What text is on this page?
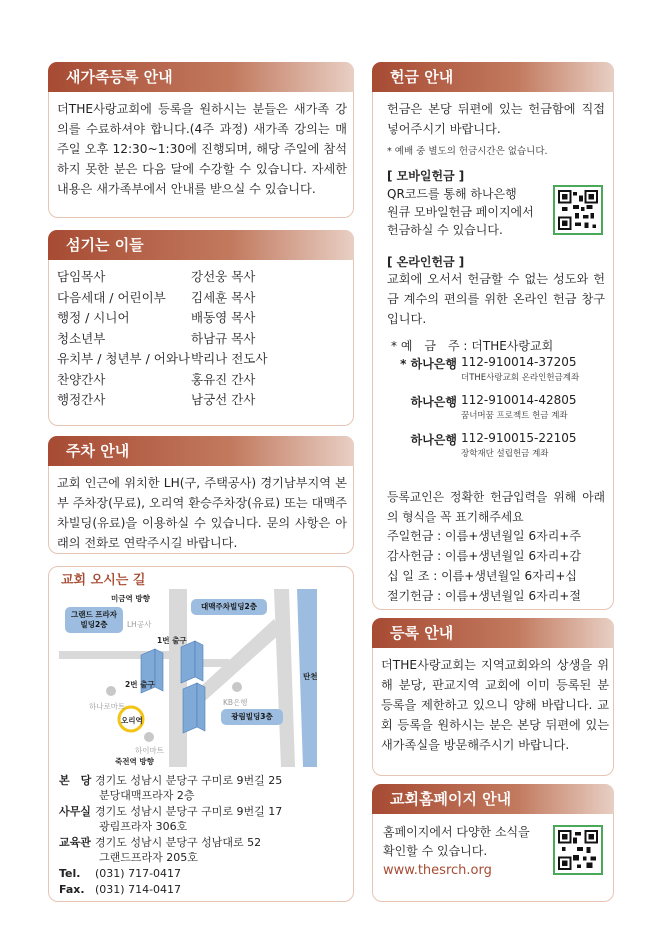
새가족등록 안내
더THE사랑교회에 등록을 원하시는 분들은 새가족 강의를 수료하셔야 합니다.(4주 과정) 새가족 강의는 매주일 오후 12:30~1:30에 진행되며, 해당 주일에 참석하지 못한 분은 다음 달에 수강할 수 있습니다. 자세한 내용은 새가족부에서 안내를 받으실 수 있습니다.
섬기는 이들
담임목사	강선웅 목사
다음세대 / 어린이부 김세훈 목사
행정 / 시니어	배동영 목사
청소년부	하남규 목사
유치부 / 청년부 / 어와나 박리나 전도사
찬양간사	홍유진 간사
행정간사	남궁선 간사
주차 안내
교회 인근에 위치한 LH(구, 주택공사) 경기남부지역 본부 주차장(무료), 오리역 환승주차장(유료) 또는 대맥주차빌딩(유료)을 이용하실 수 있습니다. 문의 사항은 아래의 전화로 연락주시길 바랍니다.
교회 오시는 길
미금역 방향
LH공사
그랜드 프라자
빌딩2층
대맥주차빌딩2층
1번 출구
2번 출구
하나로마트	KB은행
오리역
하이마트
광림빌딩3층
탄천
죽전역 방향
본　당 경기도 성남시 분당구 구미로 9번길 25
분당대맥프라자 2층
사무실 경기도 성남시 분당구 구미로 9번길 17
광림프라자 306호
교육관 경기도 성남시 분당구 성남대로 52
그랜드프라자 205호
Tel. (031) 717-0417
Fax. (031) 714-0417
헌금 안내
헌금은 본당 뒤편에 있는 헌금함에 직접 넣어주시기 바랍니다.
* 예배 중 별도의 헌금시간은 없습니다.
[ 모바일헌금 ]
QR코드를 통해 하나은행
원큐 모바일헌금 페이지에서
헌금하실 수 있습니다.
[ 온라인헌금 ]
교회에 오서서 헌금할 수 없는 성도와 헌금 계수의 편의를 위한 온라인 헌금 창구입니다.
* 예　금　주 : 더THE사랑교회
* 하나은행 112-910014-37205
더THE사랑교회 온라인헌금계좌
하나은행 112-910014-42805
꿈너머꿈 프로젝트 헌금 계좌
하나은행 112-910015-22105
장학재단 설립헌금 계좌
등록교인은 정확한 헌금입력을 위해 아래의 형식을 꼭 표기해주세요
주일헌금 : 이름+생년월일 6자리+주
감사헌금 : 이름+생년월일 6자리+감
십 일 조 : 이름+생년월일 6자리+십
절기헌금 : 이름+생년월일 6자리+절
등록 안내
더THE사랑교회는 지역교회와의 상생을 위해 분당, 판교지역 교회에 이미 등록된 분 등록을 제한하고 있으니 양해 바랍니다. 교회 등록을 원하시는 분은 본당 뒤편에 있는 새가족실을 방문해주시기 바랍니다.
교회홈페이지 안내
홈페이지에서 다양한 소식을
확인할 수 있습니다.
www.thesrch.org
